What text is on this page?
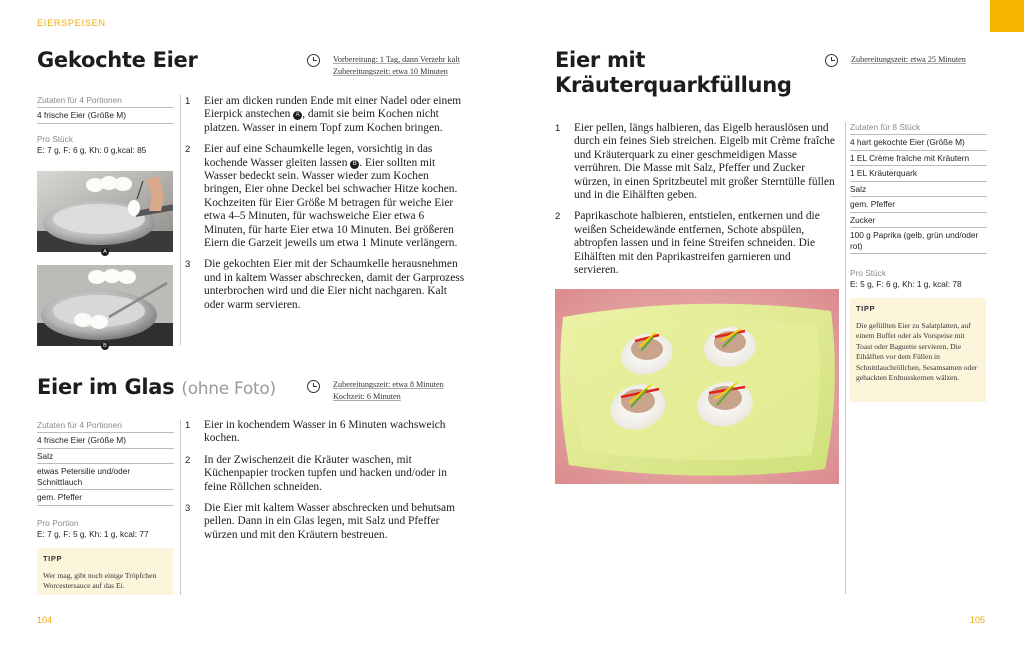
EIERSPEISEN
Gekochte Eier	Vorbereitung: 1 Tag, dann Verzehr kalt
Zubereitungszeit: etwa 10 Minuten
Zutaten für 4 Portionen
4 frische Eier (Größe M)
Pro Stück
E: 7 g, F: 6 g, Kh: 0 g,kcal: 85
A
B
1 Eier am dicken runden Ende mit einer Nadel oder einem Eierpick anstechen A , damit sie beim Kochen nicht platzen. Wasser in einem Topf zum Kochen bringen.
2 Eier auf eine Schaumkelle legen, vorsichtig in das kochende Wasser gleiten lassen B . Eier sollten mit Wasser bedeckt sein. Wasser wieder zum Kochen bringen, Eier ohne Deckel bei schwacher Hitze kochen. Kochzeiten für Eier Größe M betragen für weiche Eier etwa 4–5 Minuten, für wachsweiche Eier etwa 6 Minuten, für harte Eier etwa 10 Minuten. Bei größeren Eiern die Garzeit jeweils um etwa 1 Minute verlängern.
3 Die gekochten Eier mit der Schaumkelle herausnehmen und in kaltem Wasser abschrecken, damit der Garprozess unterbrochen wird und die Eier nicht nachgaren. Kalt oder warm servieren.
Eier im Glas (ohne Foto)	Zubereitungszeit: etwa 8 Minuten
Kochzeit: 6 Minuten
Zutaten für 4 Portionen
4 frische Eier (Größe M)
Salz
etwas Petersilie und/oder Schnittlauch
gem. Pfeffer
Pro Portion
E: 7 g, F: 5 g, Kh: 1 g, kcal: 77
TIPP
Wer mag, gibt noch einige Tröpfchen Worcestersauce auf das Ei.
1 Eier in kochendem Wasser in 6 Minuten wachsweich kochen.
2 In der Zwischenzeit die Kräuter waschen, mit Küchenpapier trocken tupfen und hacken und/oder in feine Röllchen schneiden.
3 Die Eier mit kaltem Wasser abschrecken und behutsam pellen. Dann in ein Glas legen, mit Salz und Pfeffer würzen und mit den Kräutern bestreuen.
Eier mit
Kräuterquarkfüllung
Zubereitungszeit: etwa 25 Minuten
1 Eier pellen, längs halbieren, das Eigelb herauslösen und durch ein feines Sieb streichen. Eigelb mit Crème fraîche und Kräuterquark zu einer geschmeidigen Masse verrühren. Die Masse mit Salz, Pfeffer und Zucker würzen, in einen Spritzbeutel mit großer Sterntülle füllen und in die Eihälften geben.
2 Paprikaschote halbieren, entstielen, entkernen und die weißen Scheidewände entfernen, Schote abspülen, abtropfen lassen und in feine Streifen schneiden. Die Eihälften mit den Paprikastreifen garnieren und servieren.
Zutaten für 8 Stück
4 hart gekochte Eier (Größe M)
1 EL Crème fraîche mit Kräutern
1 EL Kräuterquark
Salz
gem. Pfeffer
Zucker
100 g Paprika (gelb, grün und/oder rot)
Pro Stück
E: 5 g, F: 6 g, Kh: 1 g, kcal: 78
TIPP
Die gefüllten Eier zu Salatplatten, auf einem Buffet oder als Vorspeise mit Toast oder Baguette servieren. Die Eihälften vor dem Füllen in Schnittlauchröllchen, Sesamsamen oder gehackten Erdnusskernen wälzen.
104	105
